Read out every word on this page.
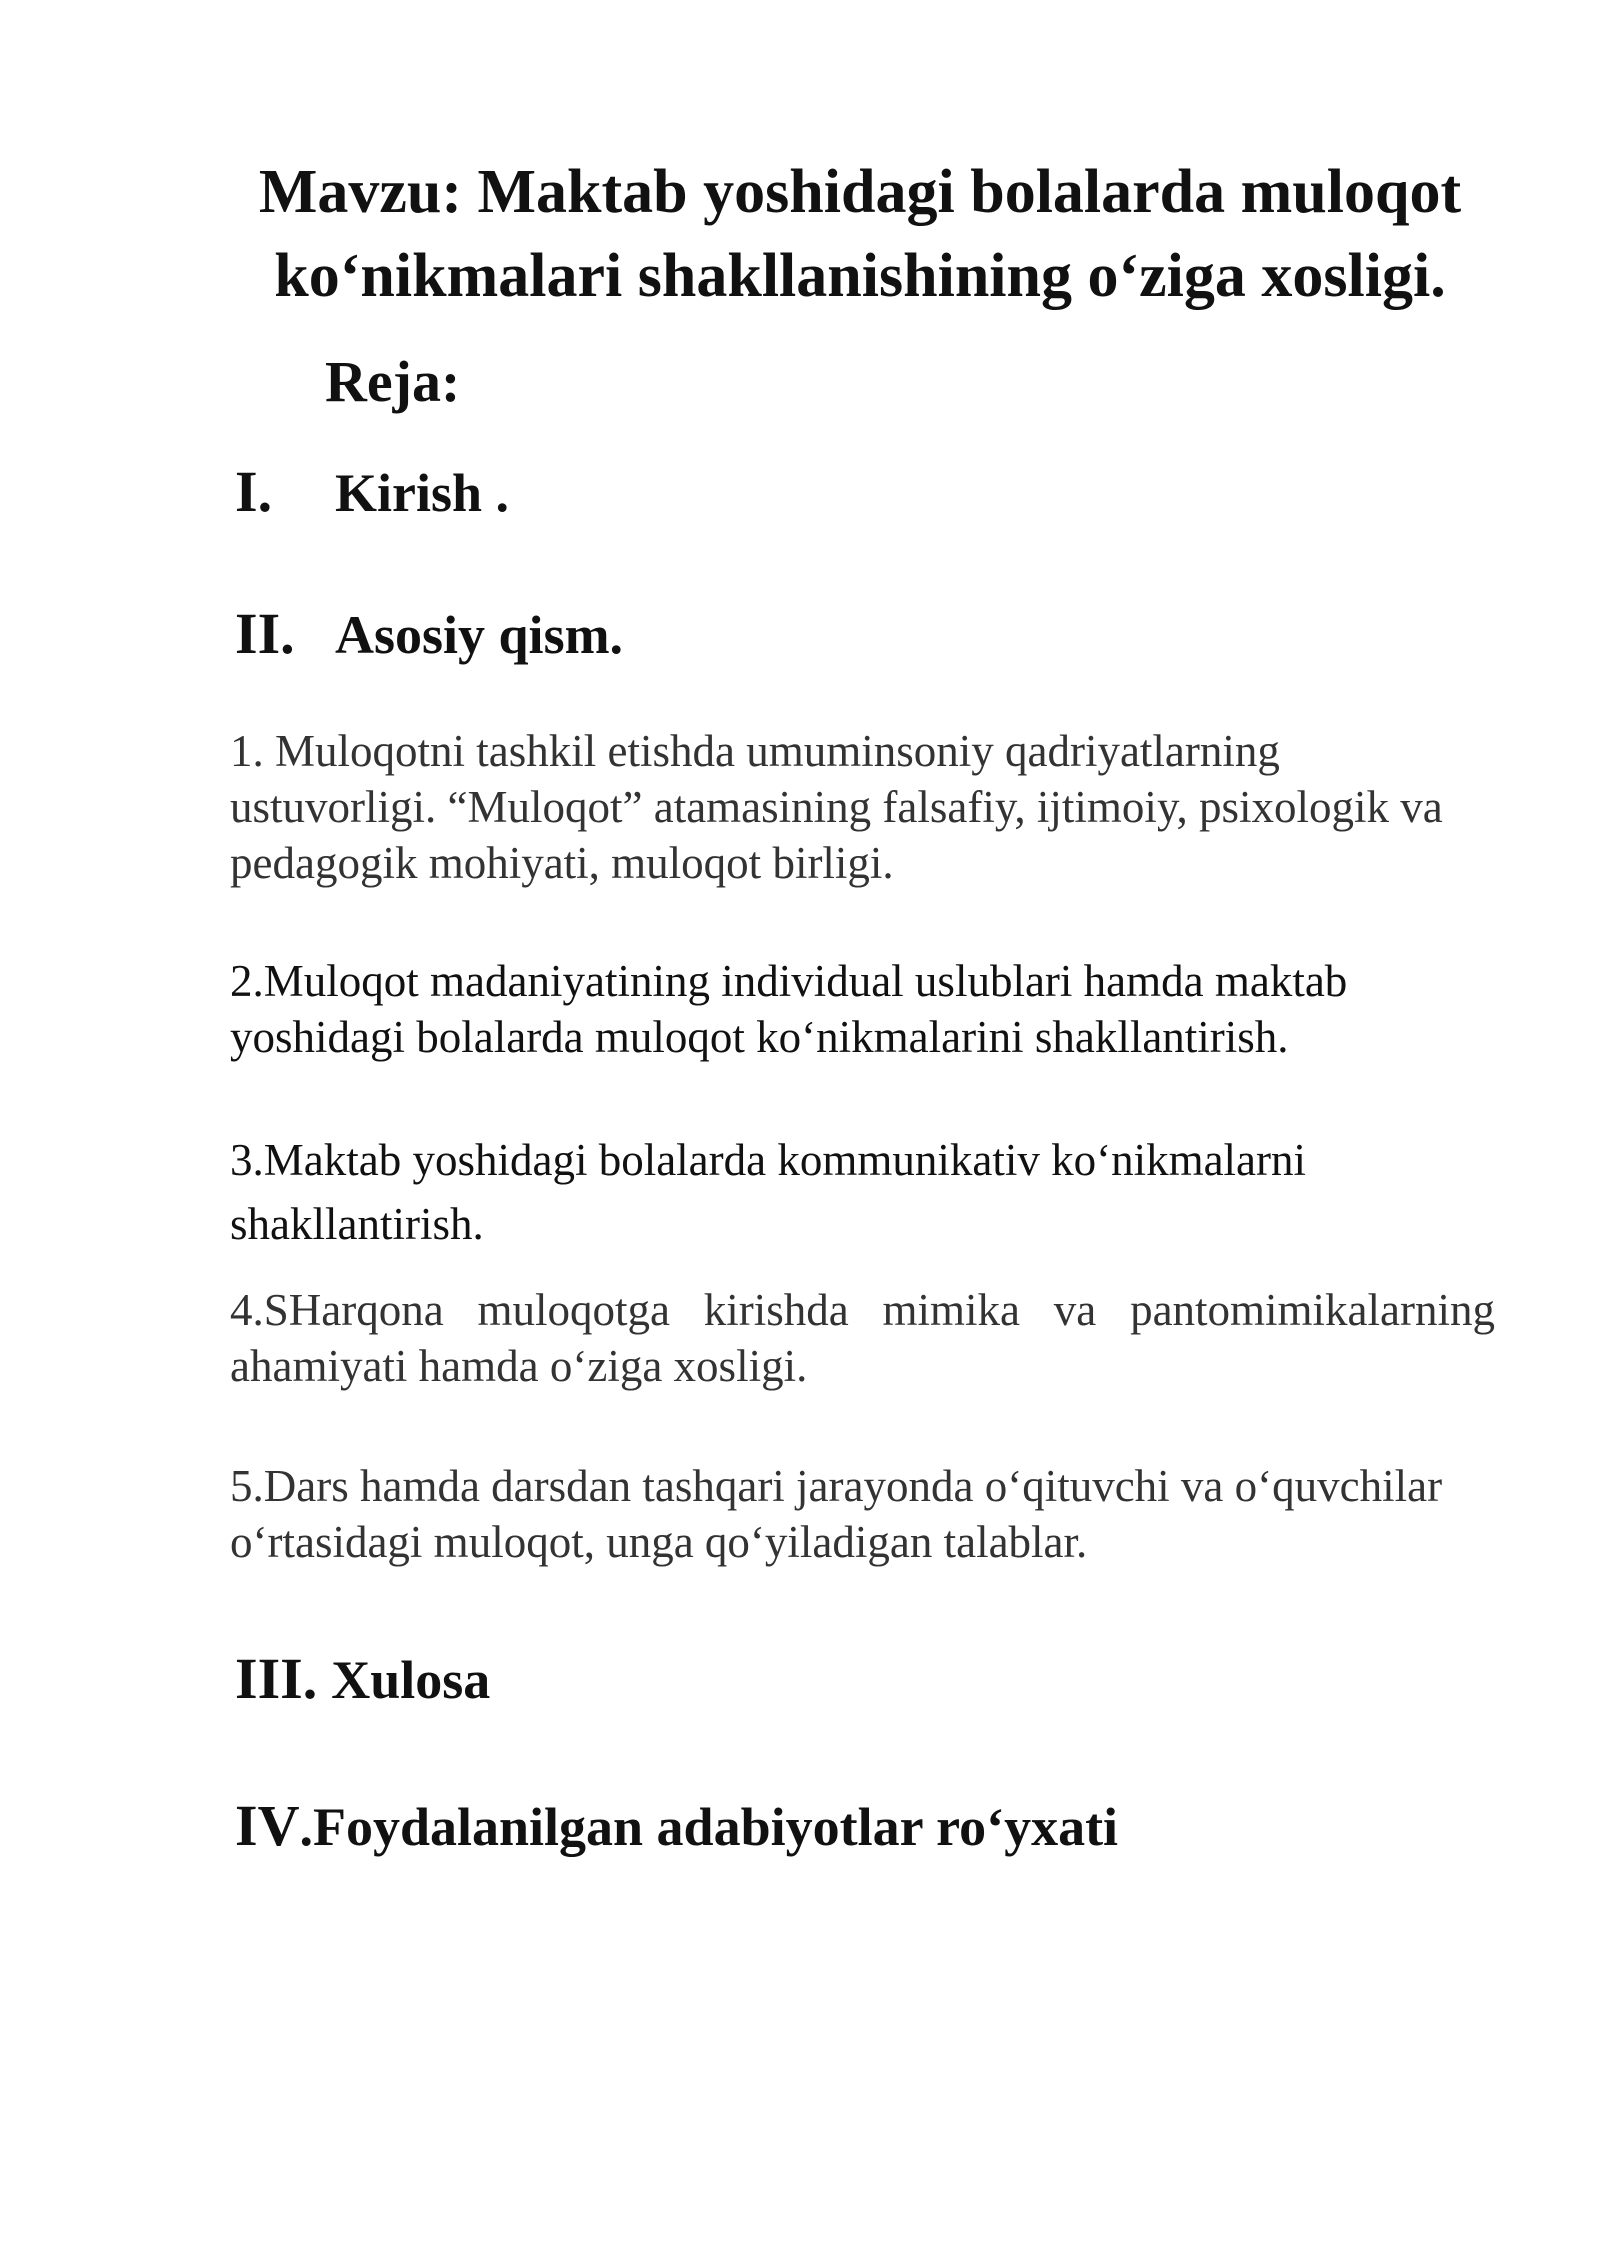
Mavzu: Maktab yoshidagi bolalarda muloqot
ko‘nikmalari shakllanishining o‘ziga xosligi.

Reja:

I. Kirish .

II. Asosiy qism.

1. Muloqotni tashkil etishda umuminsoniy qadriyatlarning ustuvorligi. “Muloqot” atamasining falsafiy, ijtimoiy, psixologik va pedagogik mohiyati, muloqot birligi.

2.Muloqot madaniyatining individual uslublari hamda maktab yoshidagi bolalarda muloqot ko‘nikmalarini shakllantirish.

3.Maktab yoshidagi bolalarda kommunikativ ko‘nikmalarni shakllantirish.

4.SHarqona muloqotga kirishda mimika va pantomimikalarning ahamiyati hamda o‘ziga xosligi.

5.Dars hamda darsdan tashqari jarayonda o‘qituvchi va o‘quvchilar o‘rtasidagi muloqot, unga qo‘yiladigan talablar.

III. Xulosa

IV.Foydalanilgan adabiyotlar ro‘yxati
